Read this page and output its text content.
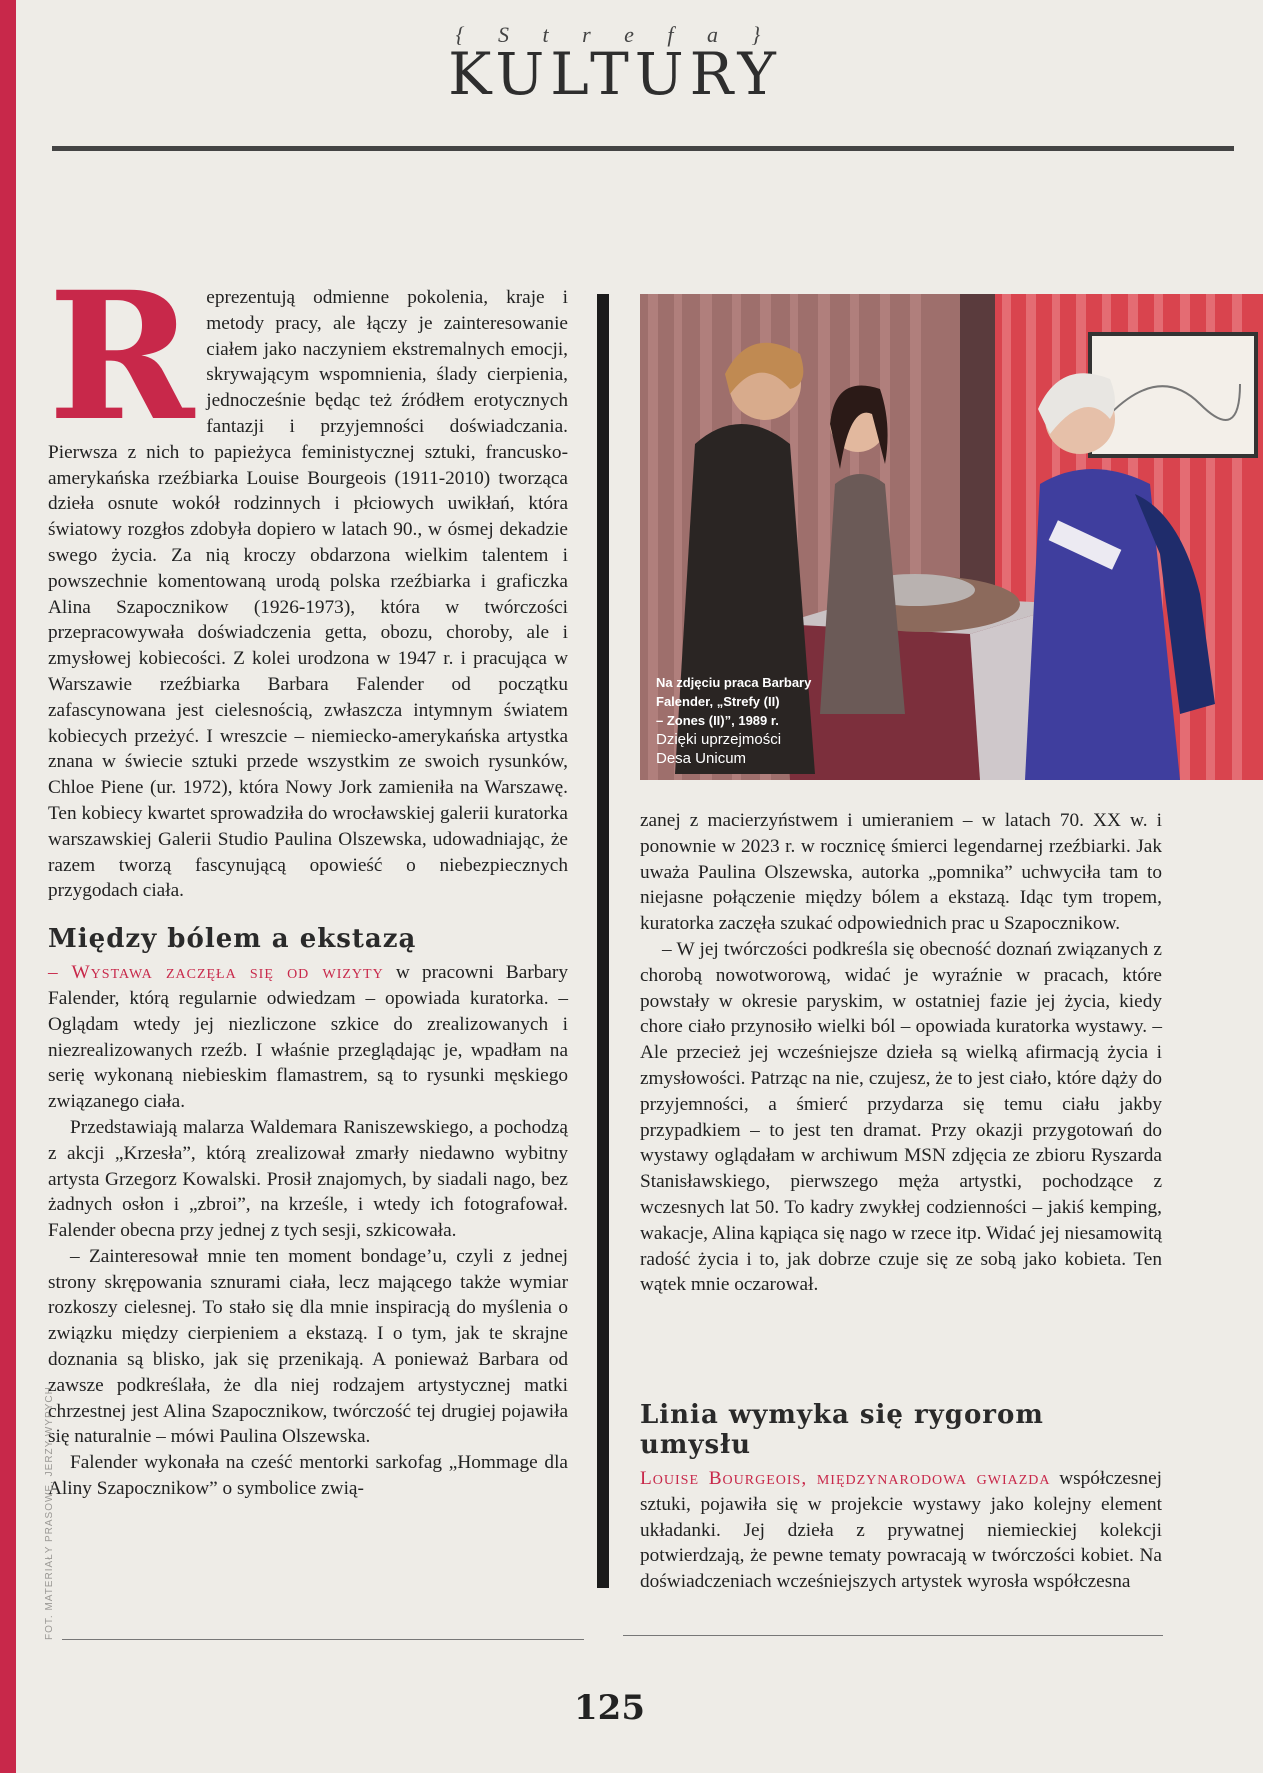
{ S t r e f a }
KULTURY

Reprezentują odmienne pokolenia, kraje i metody pracy, ale łączy je zainteresowanie ciałem jako naczyniem ekstremalnych emocji, skrywającym wspomnienia, ślady cierpienia, jednocześnie będąc też źródłem erotycznych fantazji i przyjemności doświadczania. Pierwsza z nich to papieżyca feministycznej sztuki, francusko-amerykańska rzeźbiarka Louise Bourgeois (1911-2010) tworząca dzieła osnute wokół rodzinnych i płciowych uwikłań, która światowy rozgłos zdobyła dopiero w latach 90., w ósmej dekadzie swego życia. Za nią kroczy obdarzona wielkim talentem i powszechnie komentowaną urodą polska rzeźbiarka i graficzka Alina Szapocznikow (1926-1973), która w twórczości przepracowywała doświadczenia getta, obozu, choroby, ale i zmysłowej kobiecości. Z kolei urodzona w 1947 r. i pracująca w Warszawie rzeźbiarka Barbara Falender od początku zafascynowana jest cielesnością, zwłaszcza intymnym światem kobiecych przeżyć. I wreszcie – niemiecko-amerykańska artystka znana w świecie sztuki przede wszystkim ze swoich rysunków, Chloe Piene (ur. 1972), która Nowy Jork zamieniła na Warszawę. Ten kobiecy kwartet sprowadziła do wrocławskiej galerii kuratorka warszawskiej Galerii Studio Paulina Olszewska, udowadniając, że razem tworzą fascynującą opowieść o niebezpiecznych przygodach ciała.

Między bólem a ekstazą

– Wystawa zaczęła się od wizyty w pracowni Barbary Falender, którą regularnie odwiedzam – opowiada kuratorka. – Oglądam wtedy jej niezliczone szkice do zrealizowanych i niezrealizowanych rzeźb. I właśnie przeglądając je, wpadłam na serię wykonaną niebieskim flamastrem, są to rysunki męskiego związanego ciała.

Przedstawiają malarza Waldemara Raniszewskiego, a pochodzą z akcji „Krzesła”, którą zrealizował zmarły niedawno wybitny artysta Grzegorz Kowalski. Prosił znajomych, by siadali nago, bez żadnych osłon i „zbroi”, na krześle, i wtedy ich fotografował. Falender obecna przy jednej z tych sesji, szkicowała.

– Zainteresował mnie ten moment bondage’u, czyli z jednej strony skrępowania sznurami ciała, lecz mającego także wymiar rozkoszy cielesnej. To stało się dla mnie inspiracją do myślenia o związku między cierpieniem a ekstazą. I o tym, jak te skrajne doznania są blisko, jak się przenikają. A ponieważ Barbara od zawsze podkreślała, że dla niej rodzajem artystycznej matki chrzestnej jest Alina Szapocznikow, twórczość tej drugiej pojawiła się naturalnie – mówi Paulina Olszewska.

Falender wykonała na cześć mentorki sarkofag „Hommage dla Aliny Szapocznikow” o symbolice zwią-

Na zdjęciu praca Barbary
Falender, „Strefy (II)
– Zones (II)”, 1989 r.
Dzięki uprzejmości
Desa Unicum

zanej z macierzyństwem i umieraniem – w latach 70. XX w. i ponownie w 2023 r. w rocznicę śmierci legendarnej rzeźbiarki. Jak uważa Paulina Olszewska, autorka „pomnika” uchwyciła tam to niejasne połączenie między bólem a ekstazą. Idąc tym tropem, kuratorka zaczęła szukać odpowiednich prac u Szapocznikow.

– W jej twórczości podkreśla się obecność doznań związanych z chorobą nowotworową, widać je wyraźnie w pracach, które powstały w okresie paryskim, w ostatniej fazie jej życia, kiedy chore ciało przynosiło wielki ból – opowiada kuratorka wystawy. – Ale przecież jej wcześniejsze dzieła są wielką afirmacją życia i zmysłowości. Patrząc na nie, czujesz, że to jest ciało, które dąży do przyjemności, a śmierć przydarza się temu ciału jakby przypadkiem – to jest ten dramat. Przy okazji przygotowań do wystawy oglądałam w archiwum MSN zdjęcia ze zbioru Ryszarda Stanisławskiego, pierwszego męża artystki, pochodzące z wczesnych lat 50. To kadry zwykłej codzienności – jakiś kemping, wakacje, Alina kąpiąca się nago w rzece itp. Widać jej niesamowitą radość życia i to, jak dobrze czuje się ze sobą jako kobieta. Ten wątek mnie oczarował.

Linia wymyka się rygorom umysłu

Louise Bourgeois, międzynarodowa gwiazda współczesnej sztuki, pojawiła się w projekcie wystawy jako kolejny element układanki. Jej dzieła z prywatnej niemieckiej kolekcji potwierdzają, że pewne tematy powracają w twórczości kobiet. Na doświadczeniach wcześniejszych artystek wyrosła współczesna

FOT. MATERIAŁY PRASOWE, JERZY WYPYCH
125
